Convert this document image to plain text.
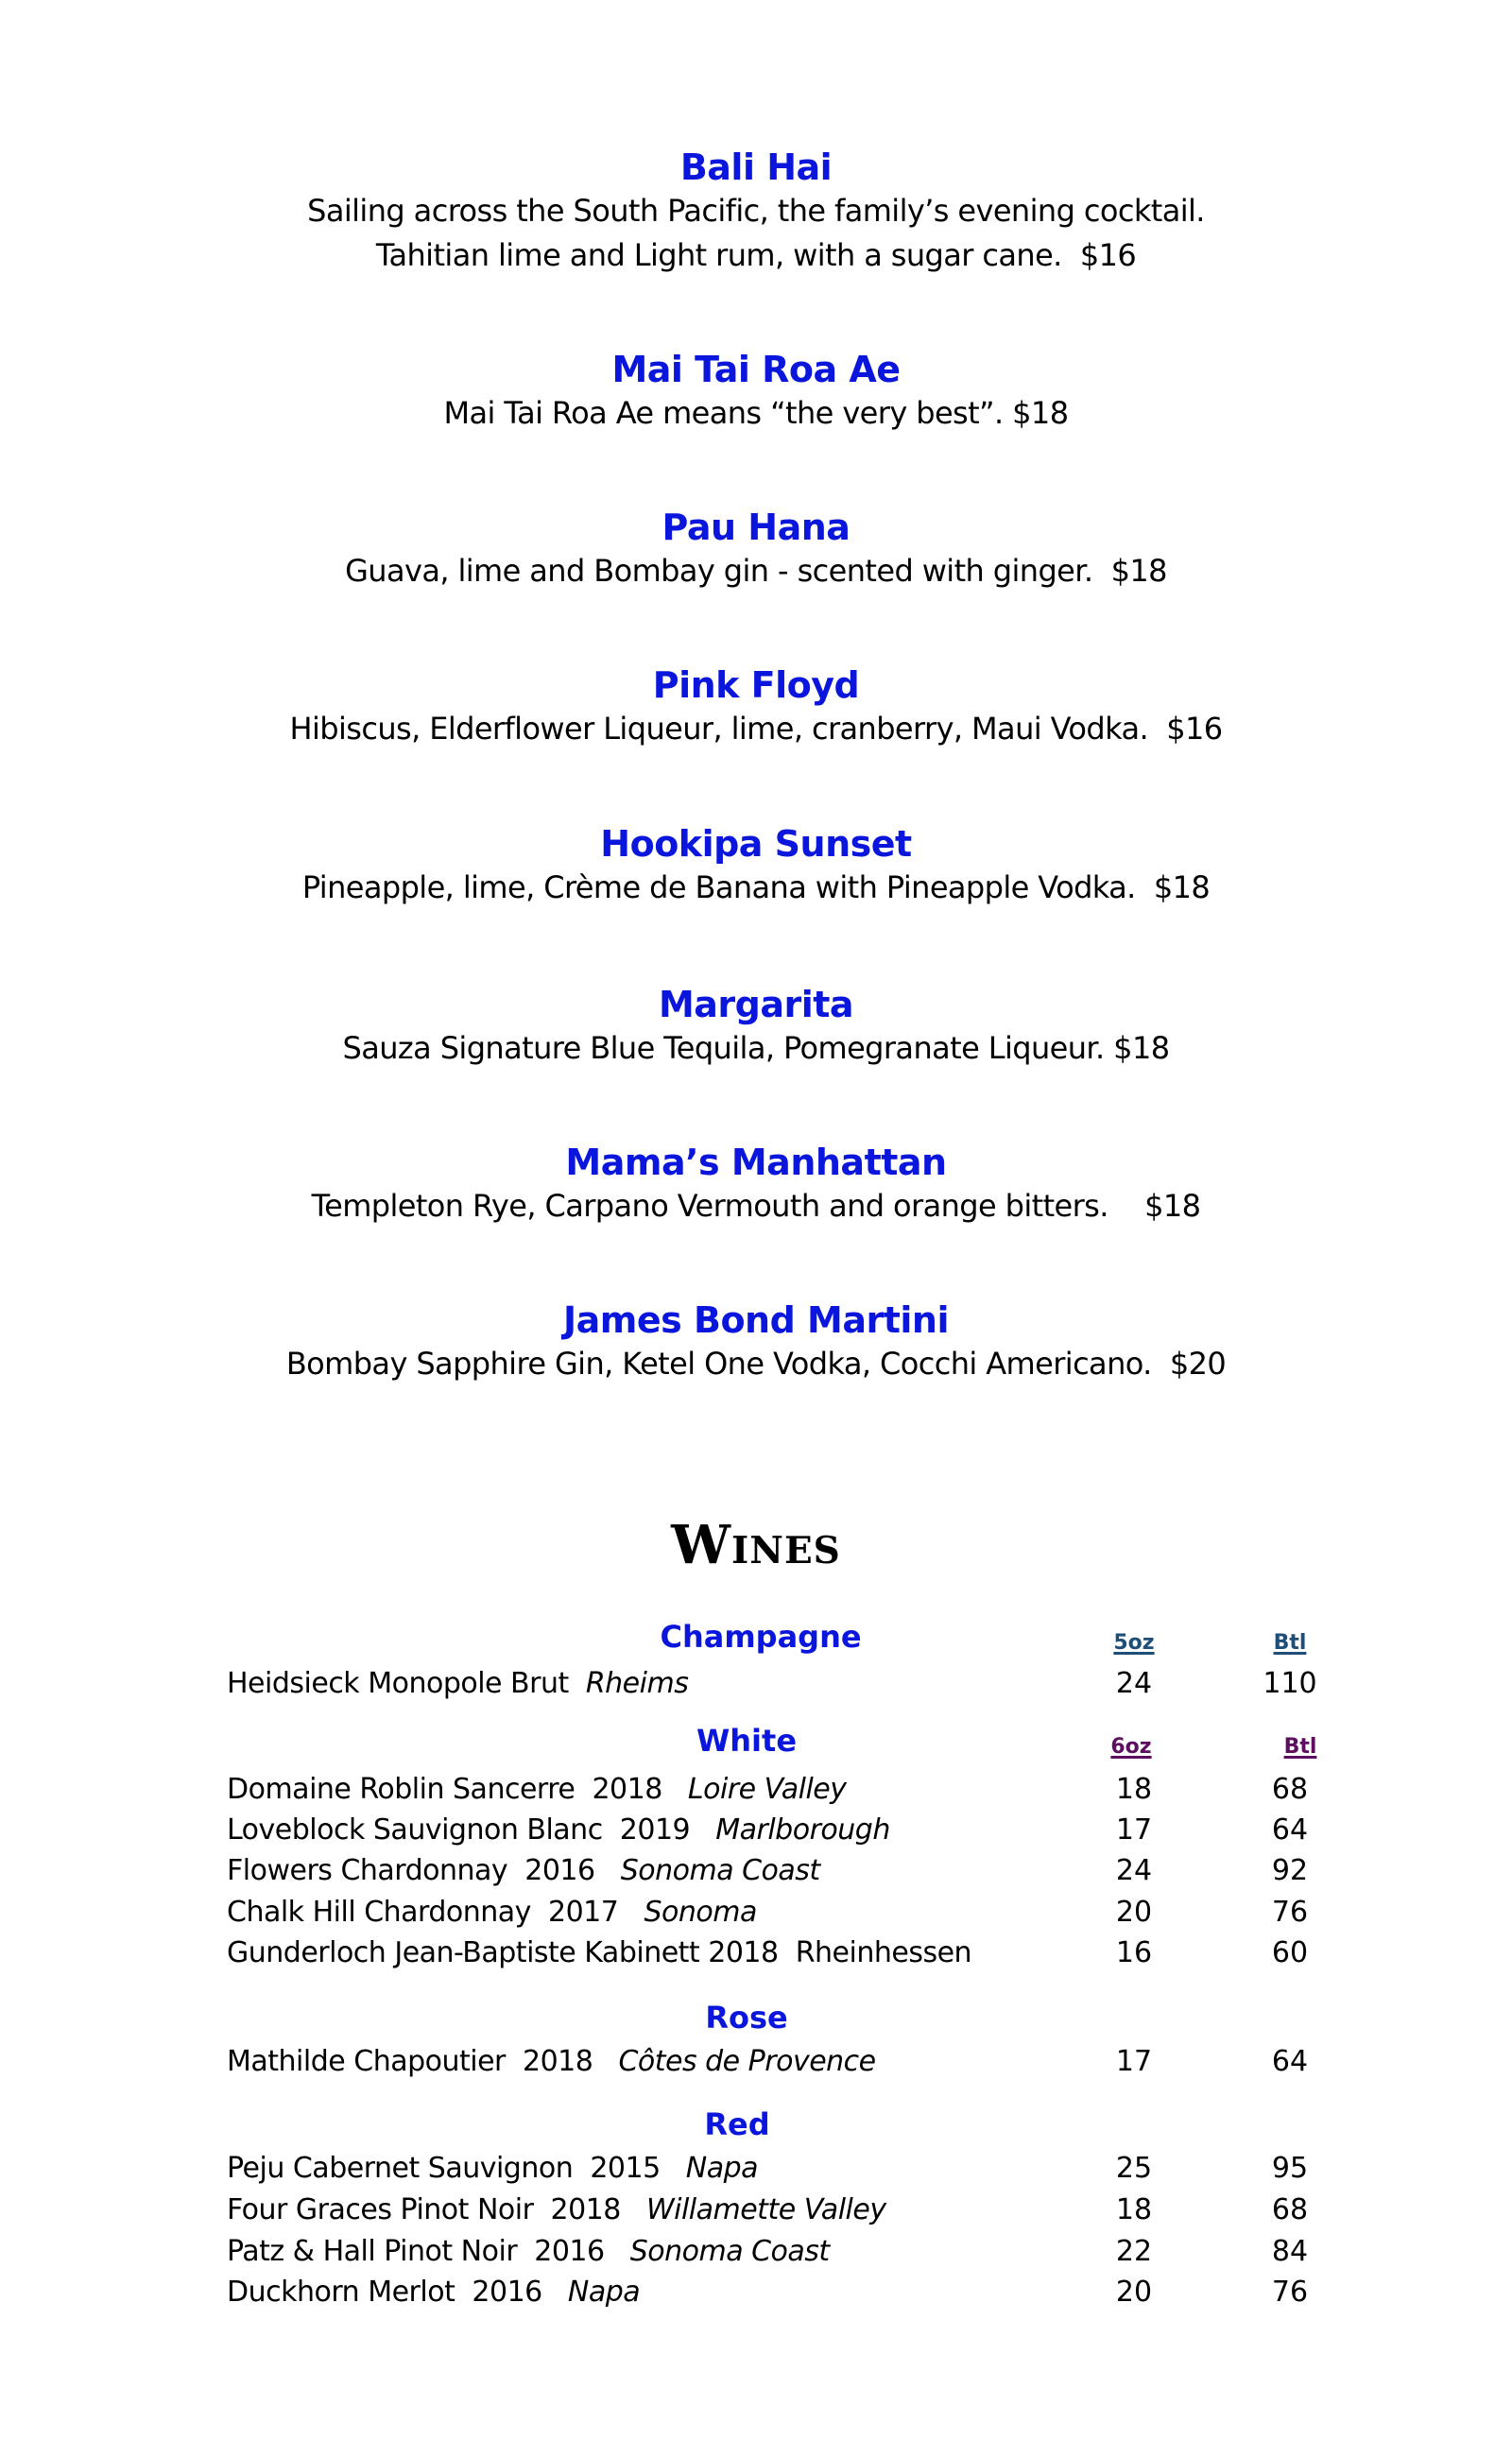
Bali Hai
Sailing across the South Pacific, the family’s evening cocktail.
Tahitian lime and Light rum, with a sugar cane.  $16
Mai Tai Roa Ae
Mai Tai Roa Ae means “the very best”. $18
Pau Hana
Guava, lime and Bombay gin - scented with ginger.  $18
Pink Floyd
Hibiscus, Elderflower Liqueur, lime, cranberry, Maui Vodka.  $16
Hookipa Sunset
Pineapple, lime, Crème de Banana with Pineapple Vodka.  $18
Margarita
Sauza Signature Blue Tequila, Pomegranate Liqueur. $18
Mama’s Manhattan
Templeton Rye, Carpano Vermouth and orange bitters.    $18
James Bond Martini
Bombay Sapphire Gin, Ketel One Vodka, Cocchi Americano.  $20
Wines
Champagne	5oz	Btl
Heidsieck Monopole Brut Rheims	24	110
White	6oz	Btl
Domaine Roblin Sancerre 2018 Loire Valley	18	68
Loveblock Sauvignon Blanc 2019 Marlborough	17	64
Flowers Chardonnay 2016 Sonoma Coast	24	92
Chalk Hill Chardonnay 2017 Sonoma	20	76
Gunderloch Jean-Baptiste Kabinett 2018 Rheinhessen	16	60
Rose
Mathilde Chapoutier 2018 Côtes de Provence	17	64
Red
Peju Cabernet Sauvignon 2015 Napa	25	95
Four Graces Pinot Noir 2018 Willamette Valley	18	68
Patz & Hall Pinot Noir 2016 Sonoma Coast	22	84
Duckhorn Merlot 2016 Napa	20	76
